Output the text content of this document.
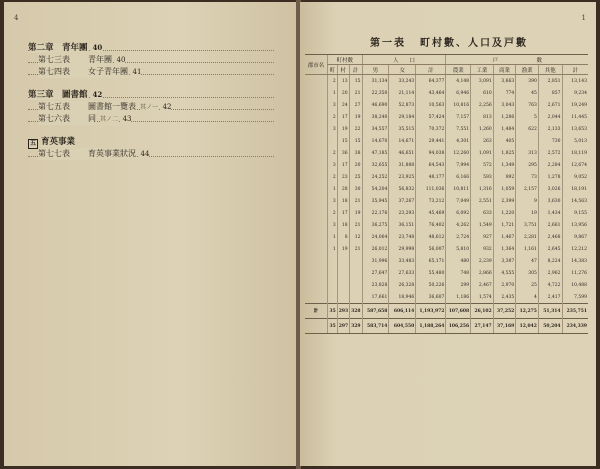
4
第二章　青年團 40
第七三表 青年團 40
第七四表 女子青年團 41
第三章　圖書館 42
第七五表 圖書館一覽表 其ノ一 42
第七六表 同 其ノ二 43
五 育英事業
第七七表 育英事業狀況 44
1
第一表 町村數、人口及戸數
郡市名	町村數			人　　口			戸　　　　　　　數					
	町	村	計	男	女	計	農業	工業	商業	漁業	其他	計
	2	13	15	31,134	33,243	64,377	4,148	3,091	3,663	390	2,851	13,143
	1	20	21	22,350	21,114	43,464	6,946	610	774	45	857	9,234
	3	24	27	46,690	52,873	10,563	10,816	2,256	3,043	763	2,671	19,249
	2	17	19	38,240	29,184	57,424	7,157	813	1,286	5	2,044	11,445
	3	19	22	34,557	35,515	70,372	7,551	1,260	1,484	622	2,133	13,653
		15	15	14,670	14,671	29,441	4,301	263	405		730	5,013
	2	36	38	47,185	46,651	94,038	12,260	1,091	1,825	313	2,572	18,119
	3	17	20	32,655	31,888	64,543	7,994	572	1,349	295	2,284	12,674
	2	23	25	24,252	23,925	48,177	6,166	593	892	73	1,278	9,052
	1	28	30	54,204	56,832	111,036	10,811	1,316	1,059	2,157	3,026	18,191
	3	18	21	35,945	37,267	73,212	7,049	2,551	2,399	9	3,630	14,563
	2	17	19	22,176	23,293	45,469	6,092	633	1,220	19	1,434	9,155
	3	18	21	36,275	36,151	76,402	4,262	1,549	1,721	3,751	2,661	13,956
	1	8	12	24,064	23,748	48,612	2,724	927	1,467	2,281	2,468	9,867
	1	19	21	26,012	29,998	56,007	5,810	932	1,364	1,161	2,645	12,212
				31,996	33,483	65,171	480	2,239	3,387	47	8,224	14,383
				27,647	27,633	55,480	748	2,866	4,555	305	2,962	11,276
				23,828	26,328	50,226	299	2,467	2,970	25	4,722	10,488
				17,661	18,946	36,607	1,186	1,574	2,435	4	2,417	7,599
計	35	293	328	587,658	606,114	1,193,972	107,608	26,102	37,252	12,275	51,314	235,751
	35	297	329	583,714	604,550	1,188,264	106,256	27,147	37,169	12,042	50,204	234,339
